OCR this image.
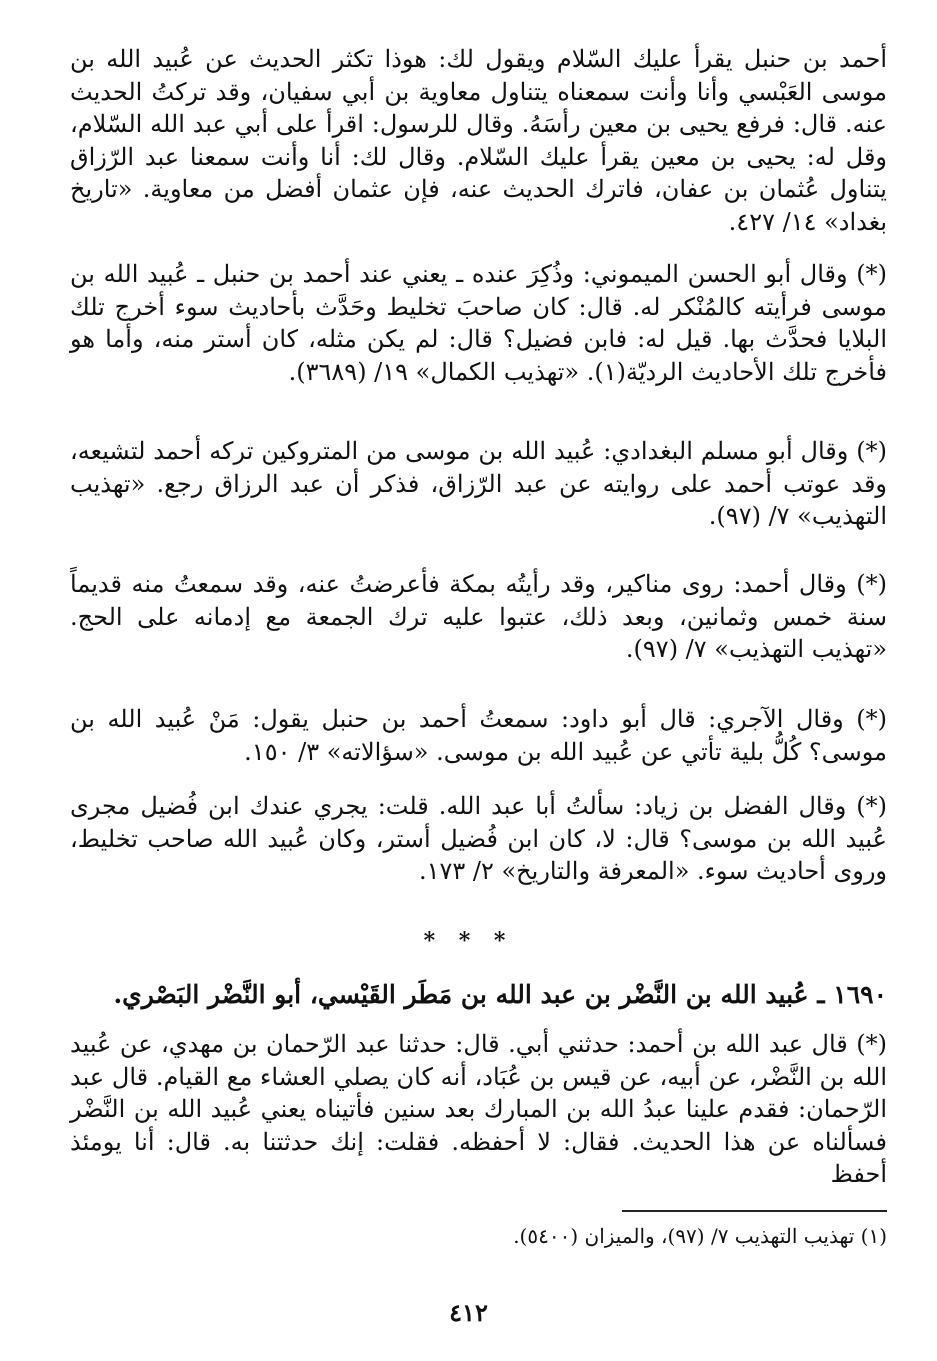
أحمد بن حنبل يقرأ عليك السّلام ويقول لك: هوذا تكثر الحديث عن عُبيد الله بن موسى العَبْسي وأنا وأنت سمعناه يتناول معاوية بن أبي سفيان، وقد تركتُ الحديث عنه. قال: فرفع يحيى بن معين رأسَهُ. وقال للرسول: اقرأ على أبي عبد الله السّلام، وقل له: يحيى بن معين يقرأ عليك السّلام. وقال لك: أنا وأنت سمعنا عبد الرّزاق يتناول عُثمان بن عفان، فاترك الحديث عنه، فإن عثمان أفضل من معاوية. «تاريخ بغداد» ١٤/ ٤٢٧.

(*) وقال أبو الحسن الميموني: وذُكِرَ عنده ـ يعني عند أحمد بن حنبل ـ عُبيد الله بن موسى فرأيته كالمُنْكر له. قال: كان صاحبَ تخليط وحَدَّث بأحاديث سوء أخرج تلك البلايا فحدَّث بها. قيل له: فابن فضيل؟ قال: لم يكن مثله، كان أستر منه، وأما هو فأخرج تلك الأحاديث الرديّة(١). «تهذيب الكمال» ١٩/ (٣٦٨٩).

(*) وقال أبو مسلم البغدادي: عُبيد الله بن موسى من المتروكين تركه أحمد لتشيعه، وقد عوتب أحمد على روايته عن عبد الرّزاق، فذكر أن عبد الرزاق رجع. «تهذيب التهذيب» ٧/ (٩٧).

(*) وقال أحمد: روى مناكير، وقد رأيتُه بمكة فأعرضتُ عنه، وقد سمعتُ منه قديماً سنة خمس وثمانين، وبعد ذلك، عتبوا عليه ترك الجمعة مع إدمانه على الحج. «تهذيب التهذيب» ٧/ (٩٧).

(*) وقال الآجري: قال أبو داود: سمعتُ أحمد بن حنبل يقول: مَنْ عُبيد الله بن موسى؟ كُلُّ بلية تأتي عن عُبيد الله بن موسى. «سؤالاته» ٣/ ١٥٠.

(*) وقال الفضل بن زياد: سألتُ أبا عبد الله. قلت: يجري عندك ابن فُضيل مجرى عُبيد الله بن موسى؟ قال: لا، كان ابن فُضيل أستر، وكان عُبيد الله صاحب تخليط، وروى أحاديث سوء. «المعرفة والتاريخ» ٢/ ١٧٣.

* * *

١٦٩٠ ـ عُبيد الله بن النَّضْر بن عبد الله بن مَطَر القَيْسي، أبو النَّضْر البَصْري.

(*) قال عبد الله بن أحمد: حدثني أبي. قال: حدثنا عبد الرّحمان بن مهدي، عن عُبيد الله بن النَّضْر، عن أبيه، عن قيس بن عُبَاد، أنه كان يصلي العشاء مع القيام. قال عبد الرّحمان: فقدم علينا عبدُ الله بن المبارك بعد سنين فأتيناه يعني عُبيد الله بن النَّضْر فسألناه عن هذا الحديث. فقال: لا أحفظه. فقلت: إنك حدثتنا به. قال: أنا يومئذ أحفظ

(١) تهذيب التهذيب ٧/ (٩٧)، والميزان (٥٤٠٠).

٤١٢
